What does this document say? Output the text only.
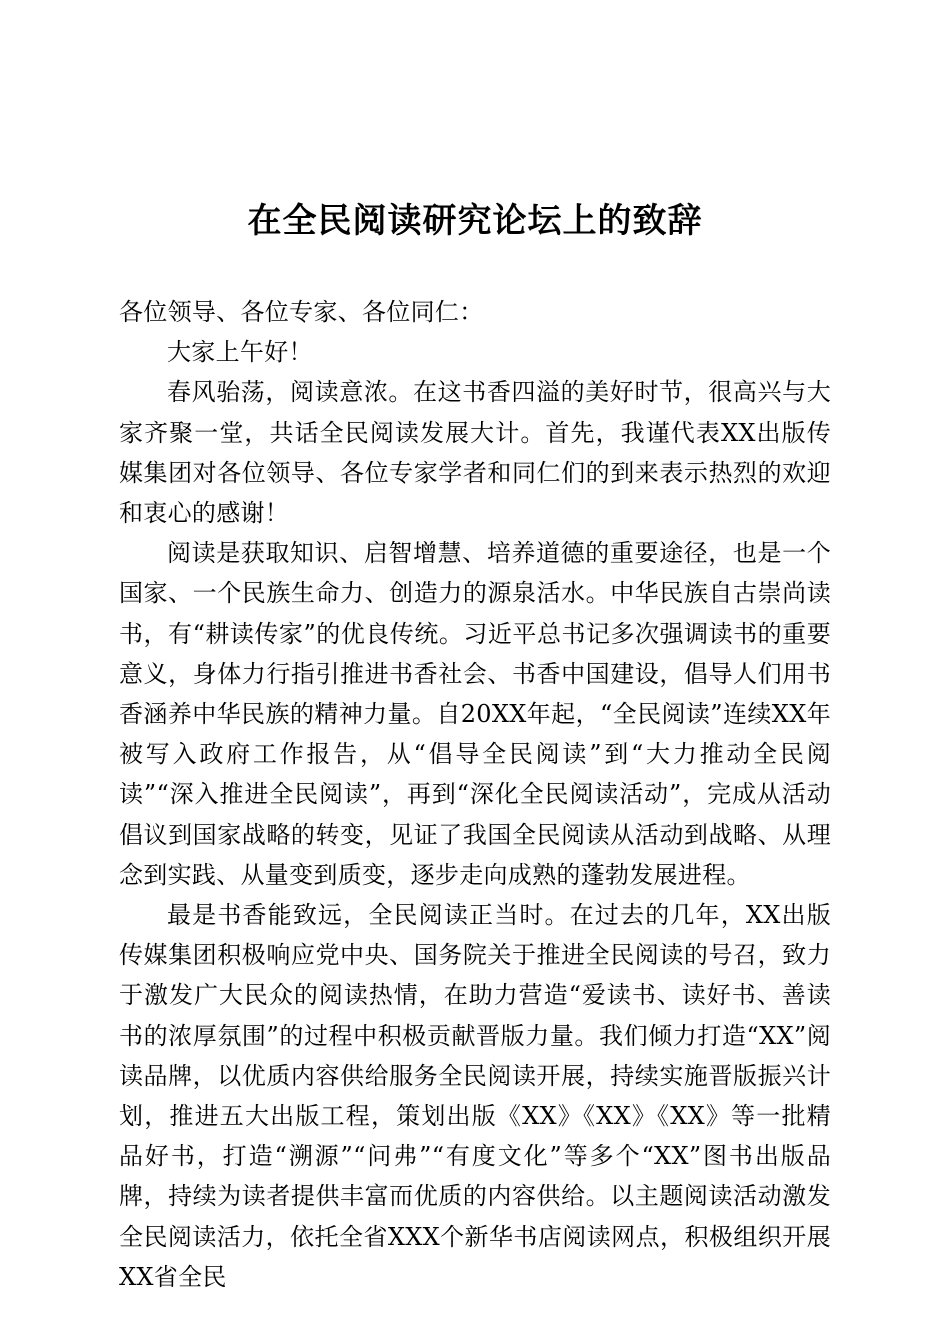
在全民阅读研究论坛上的致辞

各位领导、各位专家、各位同仁：

大家上午好！

春风骀荡，阅读意浓。在这书香四溢的美好时节，很高兴与大家齐聚一堂，共话全民阅读发展大计。首先，我谨代表XX出版传媒集团对各位领导、各位专家学者和同仁们的到来表示热烈的欢迎和衷心的感谢！

阅读是获取知识、启智增慧、培养道德的重要途径，也是一个国家、一个民族生命力、创造力的源泉活水。中华民族自古崇尚读书，有“耕读传家”的优良传统。习近平总书记多次强调读书的重要意义，身体力行指引推进书香社会、书香中国建设，倡导人们用书香涵养中华民族的精神力量。自20XX年起，“全民阅读”连续XX年被写入政府工作报告，从“倡导全民阅读”到“大力推动全民阅读”“深入推进全民阅读”，再到“深化全民阅读活动”，完成从活动倡议到国家战略的转变，见证了我国全民阅读从活动到战略、从理念到实践、从量变到质变，逐步走向成熟的蓬勃发展进程。

最是书香能致远，全民阅读正当时。在过去的几年，XX出版传媒集团积极响应党中央、国务院关于推进全民阅读的号召，致力于激发广大民众的阅读热情，在助力营造“爱读书、读好书、善读书的浓厚氛围”的过程中积极贡献晋版力量。我们倾力打造“XX”阅读品牌，以优质内容供给服务全民阅读开展，持续实施晋版振兴计划，推进五大出版工程，策划出版《XX》《XX》《XX》等一批精品好书，打造“溯源”“问弗”“有度文化”等多个“XX”图书出版品牌，持续为读者提供丰富而优质的内容供给。以主题阅读活动激发全民阅读活力，依托全省XXX个新华书店阅读网点，积极组织开展XX省全民
